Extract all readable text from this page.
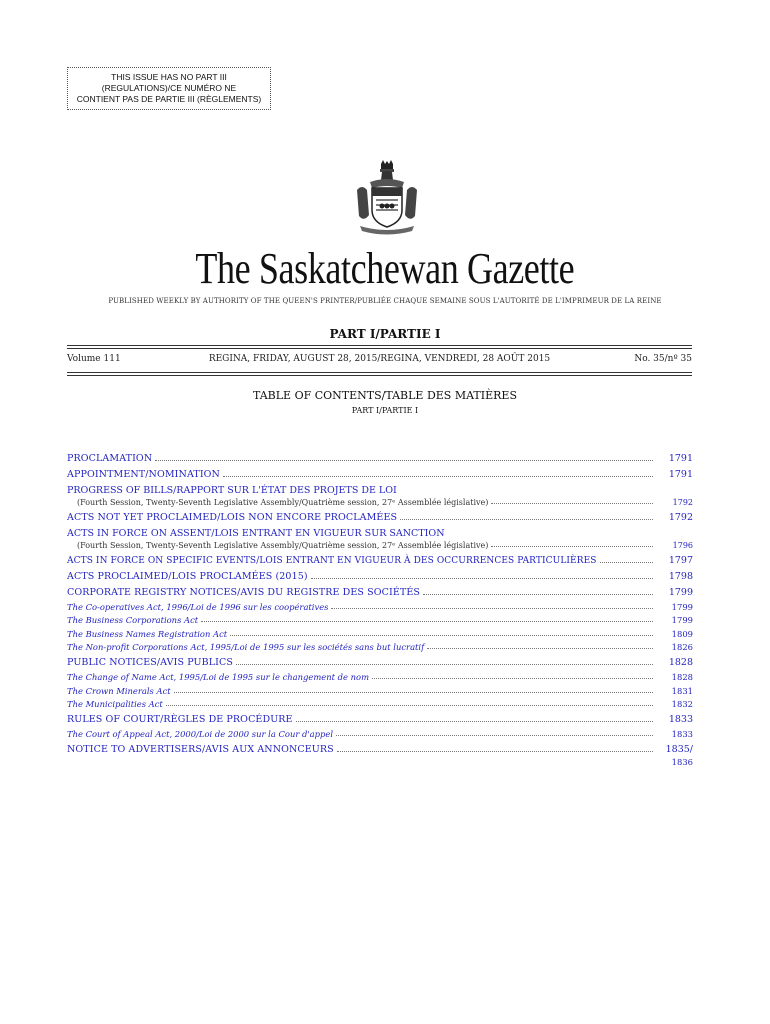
THIS ISSUE HAS NO PART III
(REGULATIONS)/CE NUMÉRO NE
CONTIENT PAS DE PARTIE III (RÈGLEMENTS)
The Saskatchewan Gazette
PUBLISHED WEEKLY BY AUTHORITY OF THE QUEEN'S PRINTER/PUBLIÉE CHAQUE SEMAINE SOUS L'AUTORITÉ DE L'IMPRIMEUR DE LA REINE
PART I/PARTIE I
Volume 111	REGINA, FRIDAY, AUGUST 28, 2015/REGINA, VENDREDI, 28 AOÛT 2015	No. 35/nº 35
TABLE OF CONTENTS/TABLE DES MATIÈRES
PART I/PARTIE I
PROCLAMATION	1791
APPOINTMENT/NOMINATION	1791
PROGRESS OF BILLS/RAPPORT SUR L'ÉTAT DES PROJETS DE LOI
(Fourth Session, Twenty-Seventh Legislative Assembly/Quatrième session, 27ᵉ Assemblée législative)	1792
ACTS NOT YET PROCLAIMED/LOIS NON ENCORE PROCLAMÉES	1792
ACTS IN FORCE ON ASSENT/LOIS ENTRANT EN VIGUEUR SUR SANCTION
(Fourth Session, Twenty-Seventh Legislative Assembly/Quatrième session, 27ᵉ Assemblée législative)	1796
ACTS IN FORCE ON SPECIFIC EVENTS/LOIS ENTRANT EN VIGUEUR À DES OCCURRENCES PARTICULIÈRES	1797
ACTS PROCLAIMED/LOIS PROCLAMÉES (2015)	1798
CORPORATE REGISTRY NOTICES/AVIS DU REGISTRE DES SOCIÉTÉS	1799
The Co-operatives Act, 1996/Loi de 1996 sur les coopératives	1799
The Business Corporations Act	1799
The Business Names Registration Act	1809
The Non-profit Corporations Act, 1995/Loi de 1995 sur les sociétés sans but lucratif	1826
PUBLIC NOTICES/AVIS PUBLICS	1828
The Change of Name Act, 1995/Loi de 1995 sur le changement de nom	1828
The Crown Minerals Act	1831
The Municipalities Act	1832
RULES OF COURT/RÈGLES DE PROCÉDURE	1833
The Court of Appeal Act, 2000/Loi de 2000 sur la Cour d'appel	1833
NOTICE TO ADVERTISERS/AVIS AUX ANNONCEURS	1835/
1836
